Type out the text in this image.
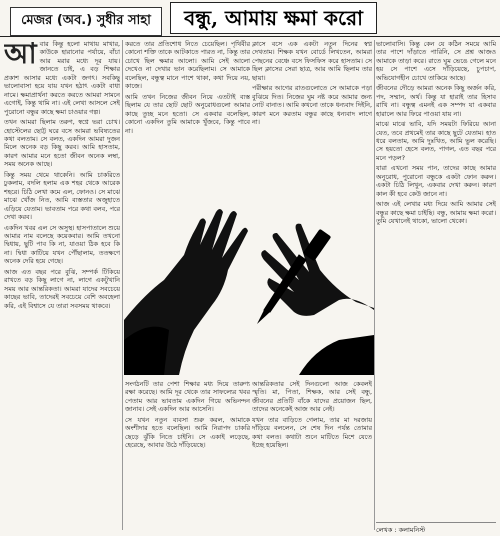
মেজর (অব.) সুধীর সাহা	বন্ধু, আমায় ক্ষমা করো
আ বার কিন্তু হলো মাথায় মাখার, কাউকে হারানোর পর্যায়ে, বাঁচা আর মরার মধ্যে দূর যায়। জানতে চাই, এ বড় শিক্ষার প্রকাশ আসার মধ্যে একটা জগৎ। সবকিছু ভালোবাসা হয়ে যায় যখন হঠাৎ একটা বাধা নামে। ক্ষমাপ্রার্থনা করতে করতে আমরা সামনে এগোই, কিন্তু থামি না। এই লেখা আসলে সেই পুরোনো বন্ধুর কাছে ক্ষমা চাওয়ার গল্প।

তখন আমরা ছিলাম তরুণ, স্বপ্নে ভরা চোখ। হোস্টেলের ছোট্ট ঘরে বসে আমরা ভবিষ্যতের কথা বলতাম। সে বলত, একদিন আমরা দুজন মিলে অনেক বড় কিছু করব। আমি হাসতাম, কারণ আমার মনে হতো জীবন অনেক লম্বা, সময় অনেক আছে।

কিন্তু সময় থেমে থাকেনি। আমি চাকরিতে ঢুকলাম, বদলি হলাম এক শহর থেকে আরেক শহরে। চিঠি লেখা কমে এল, ফোনও। সে মাঝে মাঝে খোঁজ নিত, আমি ব্যস্ততার অজুহাতে এড়িয়ে যেতাম। ভাবতাম পরে কথা বলব, পরে দেখা করব।

একদিন খবর এল সে অসুস্থ। হাসপাতালে শুয়ে আমার নাম বলেছে কয়েকবার। আমি তখনো দ্বিধায়, ছুটি পাব কি না, যাওয়া ঠিক হবে কি না। দ্বিধা কাটিয়ে যখন পৌঁছালাম, ততক্ষণে অনেক দেরি হয়ে গেছে।

আজ এত বছর পরে বুঝি, সম্পর্ক টিকিয়ে রাখতে বড় কিছু লাগে না, লাগে একটুখানি সময় আর আন্তরিকতা। আমরা যাদের সবচেয়ে কাছের ভাবি, তাদেরই সবচেয়ে বেশি অবহেলা করি, এই বিশ্বাসে যে তারা সবসময় থাকবে।

করতে তার প্রতিশোধ নিতে চেয়েছিল। পৃথিবীর কোনো শক্তি তাকে আটকাতে পারত না, কিন্তু তার চোখে ছিল ক্ষমার আলো। আমি সেই আলো দেখেও না দেখার ভান করেছিলাম। সে আমাকে বলেছিল, বন্ধুত্ব মানে পাশে থাকা, কথা দিয়ে নয়, কাজে।

আমি তখন নিজের জীবন নিয়ে এতটাই ব্যস্ত ছিলাম যে তার ছোট ছোট অনুরোধগুলো আমার কাছে তুচ্ছ মনে হতো। সে একবার বলেছিল, কোনো একদিন তুমি আমাকে খুঁজবে, কিন্তু পাবে না।

ক্লাসে বসে এক একটা নতুন দিনের স্বপ্ন দেখতাম। শিক্ষক যখন বোর্ডে লিখতেন, আমরা পেছনের বেঞ্চে বসে ফিসফিস করে হাসতাম। সে ছিল ক্লাসের সেরা ছাত্র, আর আমি ছিলাম তার ছায়া।

পরীক্ষার আগের রাতগুলোতে সে আমাকে পড়া বুঝিয়ে দিত। নিজের ঘুম নষ্ট করে আমার জন্য নোট বানাত। আমি কখনো তাকে ধন্যবাদ দিইনি, কারণ মনে করতাম বন্ধুর কাছে ধন্যবাদ লাগে না।

ভালোবাসি। কিন্তু কেন যে কঠিন সময়ে আমি তার পাশে দাঁড়াতে পারিনি, সে প্রশ্ন আজও আমাকে তাড়া করে। রাতে ঘুম ভেঙে গেলে মনে হয় সে পাশে এসে দাঁড়িয়েছে, চুপচাপ, অভিযোগহীন চোখে তাকিয়ে আছে।

জীবনের দৌড়ে আমরা অনেক কিছু অর্জন করি, পদ, সম্মান, অর্থ। কিন্তু যা হারাই তার হিসাব রাখি না। বন্ধুত্ব এমনই এক সম্পদ যা একবার হারালে আর ফিরে পাওয়া যায় না।

মাঝে মাঝে ভাবি, যদি সময়টা ফিরিয়ে আনা যেত, তবে প্রথমেই তার কাছে ছুটে যেতাম। হাত ধরে বলতাম, আমি দুঃখিত, আমি ভুল করেছি। সে হয়তো হেসে বলত, পাগল, এত বছর পরে মনে পড়ল?

যারা এখনো সময় পান, তাদের কাছে আমার অনুরোধ, পুরোনো বন্ধুকে একটা ফোন করুন। একটা চিঠি লিখুন, একবার দেখা করুন। কারণ কাল কী হবে কেউ জানে না।

আজ এই লেখার মধ্য দিয়ে আমি আমার সেই বন্ধুর কাছে ক্ষমা চাইছি। বন্ধু, আমায় ক্ষমা করো। তুমি যেখানেই থাকো, ভালো থেকো।

সংগঠনটি তার পেশা শিক্ষার মধ্য দিয়ে তারুণ্য রক্ষা করেছে। আমি দূর থেকে তার সাফল্যের খবর পেতাম আর ভাবতাম একদিন গিয়ে অভিনন্দন জানাব। সেই একদিন আর আসেনি।

সে যখন নতুন ব্যবসা শুরু করল, আমাকে অংশীদার হতে বলেছিল। আমি নিরাপদ চাকরি ছেড়ে ঝুঁকি নিতে চাইনি। সে একাই লড়েছে, হেরেছে, আবার উঠে দাঁড়িয়েছে।

আন্তরিকতার সেই দিনগুলো আজ কেবলই স্মৃতি। মা, পিতা, শিক্ষক, আর সেই বন্ধু, জীবনের প্রতিটি বাঁকে যাদের প্রয়োজন ছিল, তাদের অনেকেই আজ আর নেই।

যখন তার বাড়িতে গেলাম, তার মা দরজায় দাঁড়িয়ে বললেন, সে শেষ দিন পর্যন্ত তোমার কথা বলত। কথাটা শুনে মাটিতে মিশে যেতে ইচ্ছে হয়েছিল।

লেখক : কলামনিস্ট
